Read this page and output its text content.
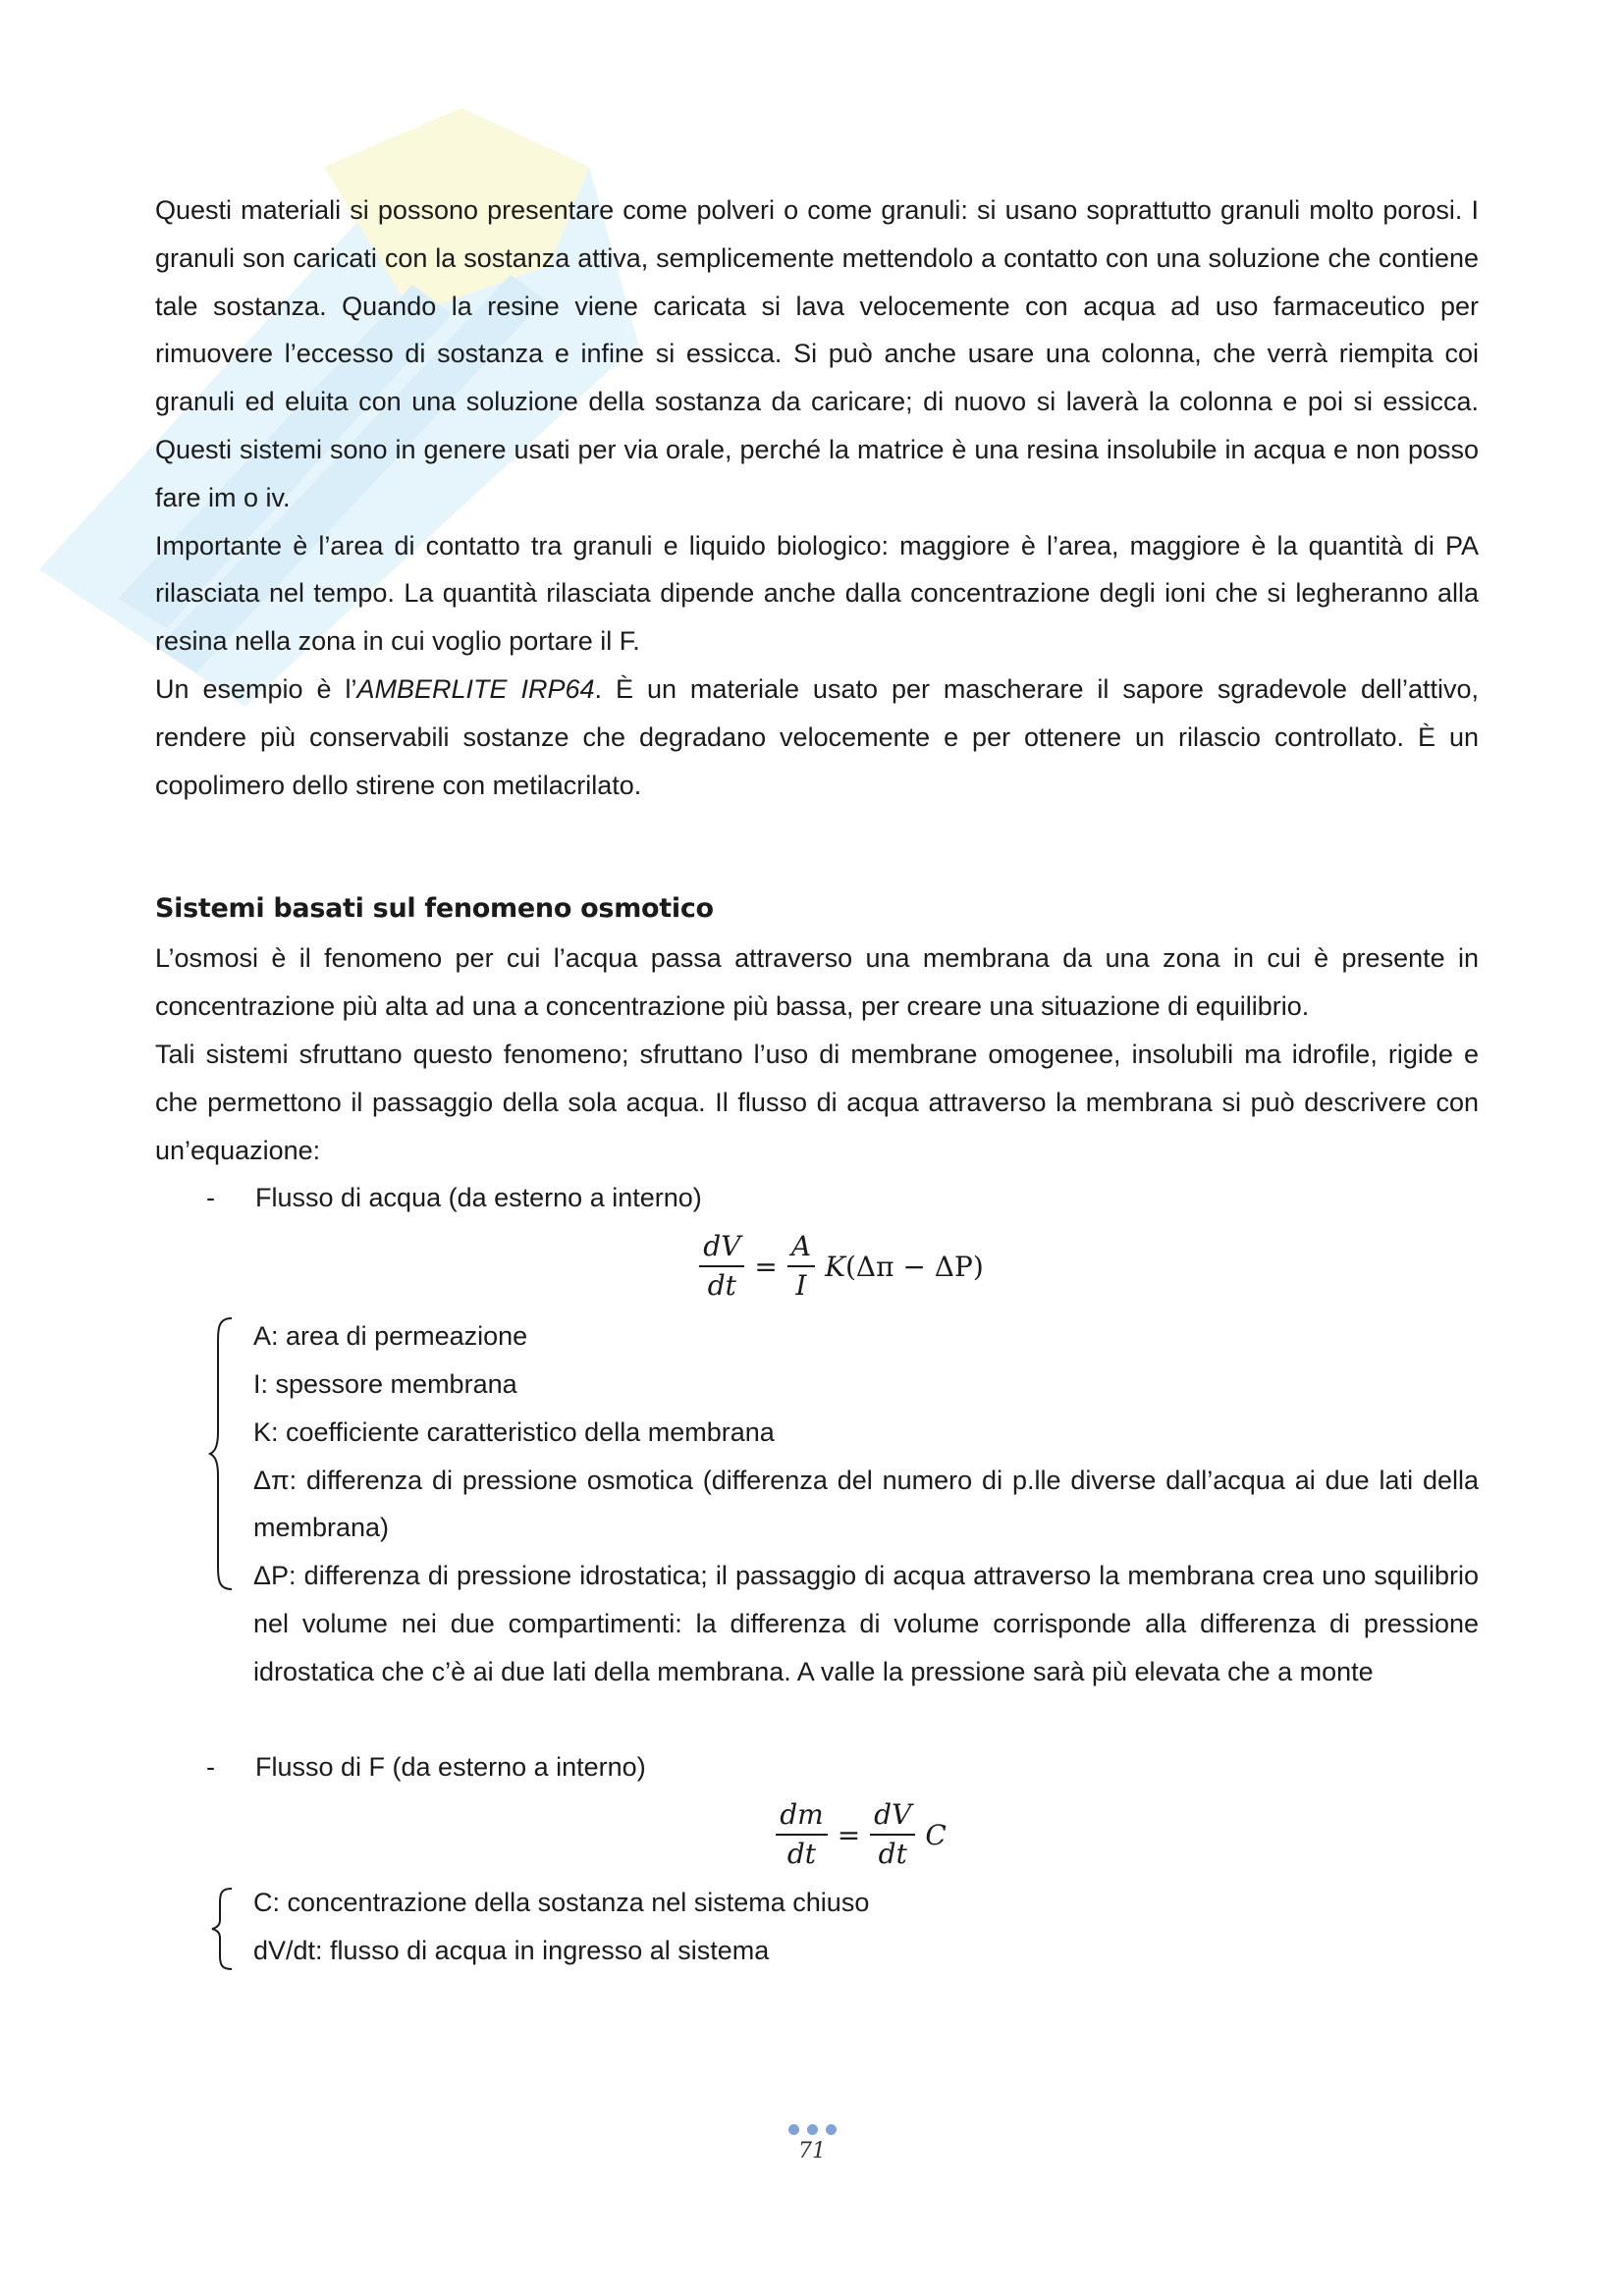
Questi materiali si possono presentare come polveri o come granuli: si usano soprattutto granuli molto porosi. I granuli son caricati con la sostanza attiva, semplicemente mettendolo a contatto con una soluzione che contiene tale sostanza. Quando la resine viene caricata si lava velocemente con acqua ad uso farmaceutico per rimuovere l’eccesso di sostanza e infine si essicca. Si può anche usare una colonna, che verrà riempita coi granuli ed eluita con una soluzione della sostanza da caricare; di nuovo si laverà la colonna e poi si essicca. Questi sistemi sono in genere usati per via orale, perché la matrice è una resina insolubile in acqua e non posso fare im o iv.

Importante è l’area di contatto tra granuli e liquido biologico: maggiore è l’area, maggiore è la quantità di PA rilasciata nel tempo. La quantità rilasciata dipende anche dalla concentrazione degli ioni che si legheranno alla resina nella zona in cui voglio portare il F.

Un esempio è l’AMBERLITE IRP64. È un materiale usato per mascherare il sapore sgradevole dell’attivo, rendere più conservabili sostanze che degradano velocemente e per ottenere un rilascio controllato. È un copolimero dello stirene con metilacrilato.

Sistemi basati sul fenomeno osmotico

L’osmosi è il fenomeno per cui l’acqua passa attraverso una membrana da una zona in cui è presente in concentrazione più alta ad una a concentrazione più bassa, per creare una situazione di equilibrio.

Tali sistemi sfruttano questo fenomeno; sfruttano l’uso di membrane omogenee, insolubili ma idrofile, rigide e che permettono il passaggio della sola acqua. Il flusso di acqua attraverso la membrana si può descrivere con un’equazione:

- Flusso di acqua (da esterno a interno)
$\frac{dV}{dt} = \frac{A}{I} K(\Delta\pi - \Delta P)$

A: area di permeazione

I: spessore membrana

K: coefficiente caratteristico della membrana

Δπ: differenza di pressione osmotica (differenza del numero di p.lle diverse dall’acqua ai due lati della membrana)

ΔP: differenza di pressione idrostatica; il passaggio di acqua attraverso la membrana crea uno squilibrio nel volume nei due compartimenti: la differenza di volume corrisponde alla differenza di pressione idrostatica che c’è ai due lati della membrana. A valle la pressione sarà più elevata che a monte

- Flusso di F (da esterno a interno)
$\frac{dm}{dt} = \frac{dV}{dt}$ C

C: concentrazione della sostanza nel sistema chiuso

dV/dt: flusso di acqua in ingresso al sistema

71
